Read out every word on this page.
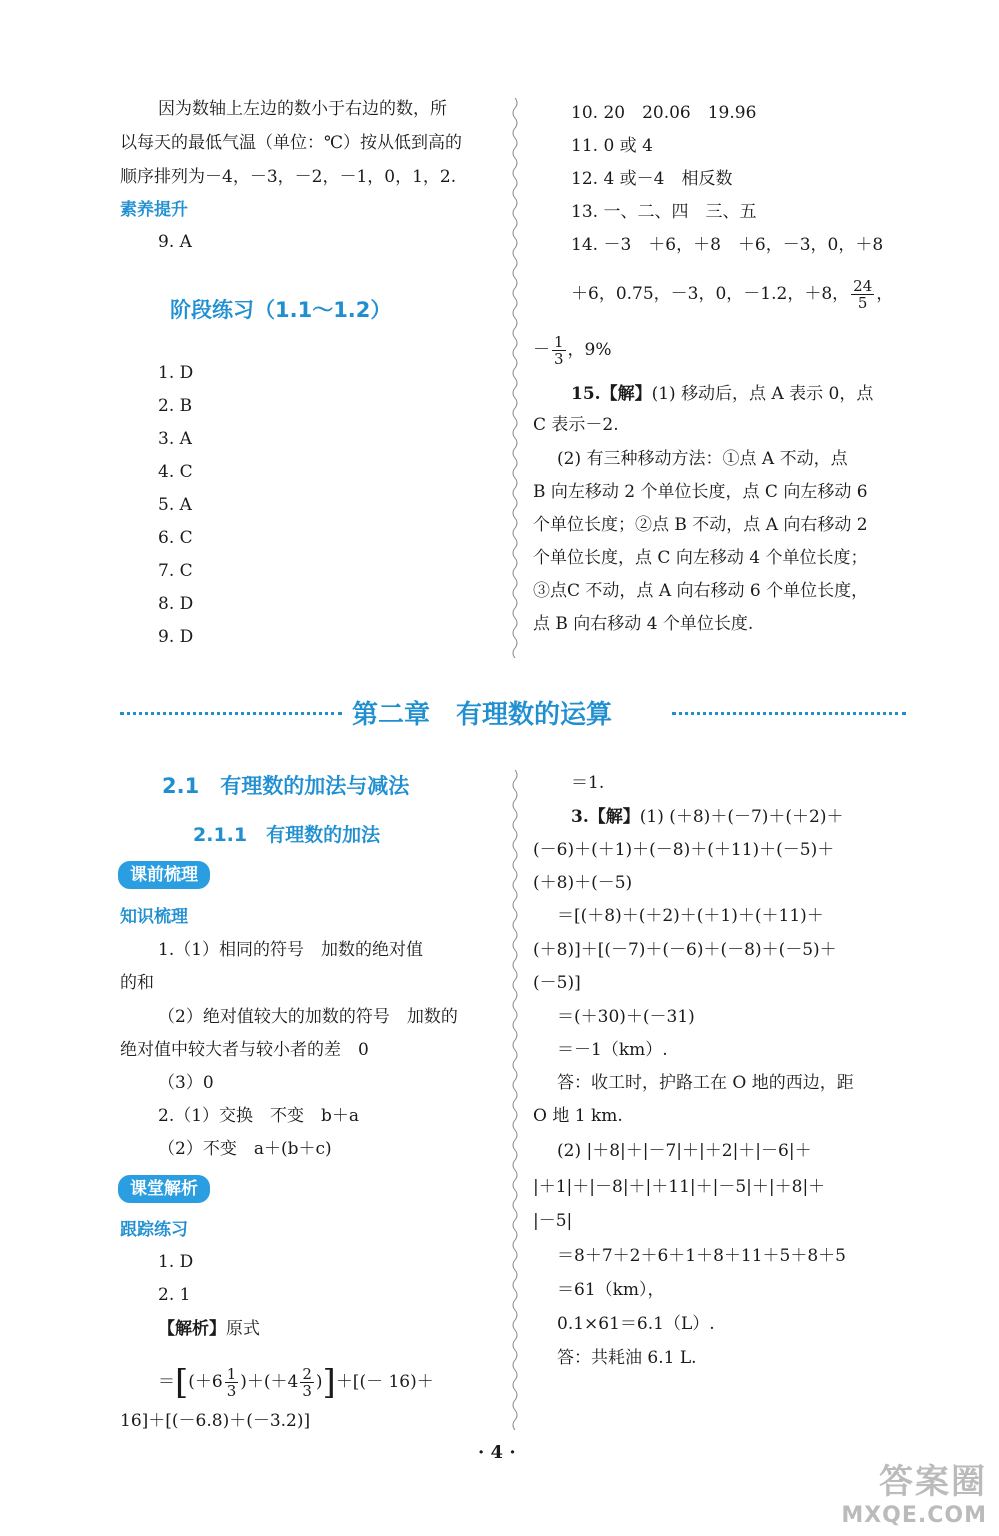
因为数轴上左边的数小于右边的数，所
以每天的最低气温（单位：℃）按从低到高的
顺序排列为－4，－3，－2，－1，0，1，2.
素养提升
9. A
阶段练习（1.1～1.2）
1. D
2. B
3. A
4. C
5. A
6. C
7. C
8. D
9. D
10. 20　20.06　19.96
11. 0 或 4
12. 4 或－4　相反数
13. 一、二、四　三、五
14. －3　＋6，＋8　＋6，－3，0，＋8
＋6，0.75，－3，0，－1.2，＋8， $\frac{24}{5}$ ，
－ $\frac{1}{3}$ ，9%
15.【解】(1) 移动后，点 A 表示 0，点
C 表示－2.
　(2) 有三种移动方法：①点 A 不动，点
B 向左移动 2 个单位长度，点 C 向左移动 6
个单位长度；②点 B 不动，点 A 向右移动 2
个单位长度，点 C 向左移动 4 个单位长度；
③点C 不动，点 A 向右移动 6 个单位长度，
点 B 向右移动 4 个单位长度.
第二章　有理数的运算
2.1　有理数的加法与减法
2.1.1　有理数的加法
课前梳理
知识梳理
1.（1）相同的符号　加数的绝对值
的和
（2）绝对值较大的加数的符号　加数的
绝对值中较大者与较小者的差　0
（3）0
2.（1）交换　不变　b＋a
（2）不变　a＋(b＋c)
课堂解析
跟踪练习
1. D
2. 1
【解析】原式
$=[(+6 \frac{1}{3} )+(+4 \frac{2}{3}$ )]＋[(－ 16)＋
16]＋[(－6.8)＋(－3.2)]
＝1.
3.【解】(1) (＋8)＋(－7)＋(＋2)＋
(－6)＋(＋1)＋(－8)＋(＋11)＋(－5)＋
(＋8)＋(－5)
　＝[(＋8)＋(＋2)＋(＋1)＋(＋11)＋
(＋8)]＋[(－7)＋(－6)＋(－8)＋(－5)＋
(－5)]
　＝(＋30)＋(－31)
　＝－1（km）.
　答：收工时，护路工在 O 地的西边，距
O 地 1 km.
　(2) |＋8|＋|－7|＋|＋2|＋|－6|＋
|＋1|＋|－8|＋|＋11|＋|－5|＋|＋8|＋
|－5|
　＝8＋7＋2＋6＋1＋8＋11＋5＋8＋5
　＝61（km），
　0.1×61＝6.1（L）.
　答：共耗油 6.1 L.
· 4 ·
答案圈
MXQE.COM
